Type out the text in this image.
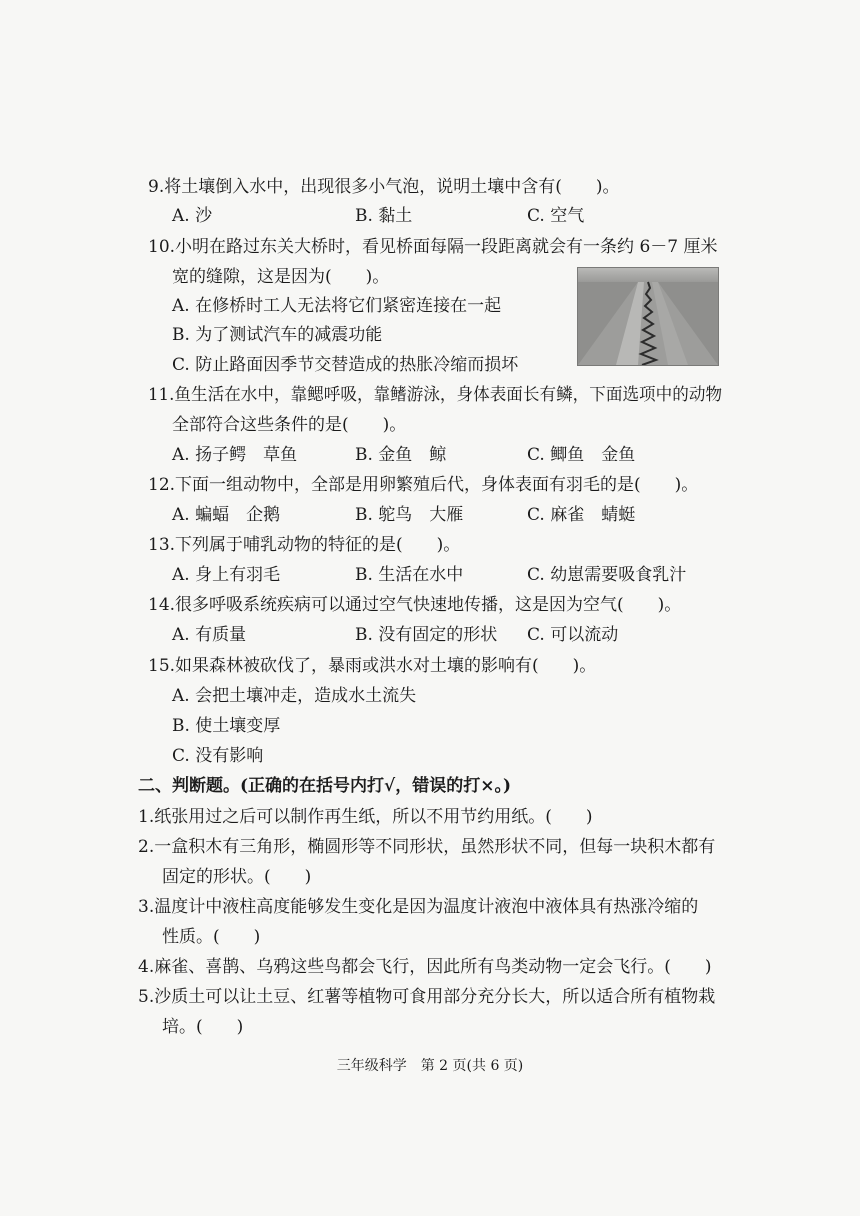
9.将土壤倒入水中，出现很多小气泡，说明土壤中含有(　　)。
A. 沙	B. 黏土	C. 空气
10.小明在路过东关大桥时，看见桥面每隔一段距离就会有一条约 6－7 厘米
宽的缝隙，这是因为(　　)。
A. 在修桥时工人无法将它们紧密连接在一起
B. 为了测试汽车的减震功能
C. 防止路面因季节交替造成的热胀冷缩而损坏
11.鱼生活在水中，靠鳃呼吸，靠鳍游泳，身体表面长有鳞，下面选项中的动物
全部符合这些条件的是(　　)。
A. 扬子鳄　草鱼	B. 金鱼　鲸	C. 鲫鱼　金鱼
12.下面一组动物中，全部是用卵繁殖后代，身体表面有羽毛的是(　　)。
A. 蝙蝠　企鹅	B. 鸵鸟　大雁	C. 麻雀　蜻蜓
13.下列属于哺乳动物的特征的是(　　)。
A. 身上有羽毛	B. 生活在水中	C. 幼崽需要吸食乳汁
14.很多呼吸系统疾病可以通过空气快速地传播，这是因为空气(　　)。
A. 有质量	B. 没有固定的形状 C. 可以流动
15.如果森林被砍伐了，暴雨或洪水对土壤的影响有(　　)。
A. 会把土壤冲走，造成水土流失
B. 使土壤变厚
C. 没有影响
二、判断题。(正确的在括号内打√，错误的打×。)
1.纸张用过之后可以制作再生纸，所以不用节约用纸。(　　)
2.一盒积木有三角形，椭圆形等不同形状，虽然形状不同，但每一块积木都有
固定的形状。(　　)
3.温度计中液柱高度能够发生变化是因为温度计液泡中液体具有热涨冷缩的
性质。(　　)
4.麻雀、喜鹊、乌鸦这些鸟都会飞行，因此所有鸟类动物一定会飞行。(　　)
5.沙质土可以让土豆、红薯等植物可食用部分充分长大，所以适合所有植物栽
培。(　　)
三年级科学　第 2 页(共 6 页)
